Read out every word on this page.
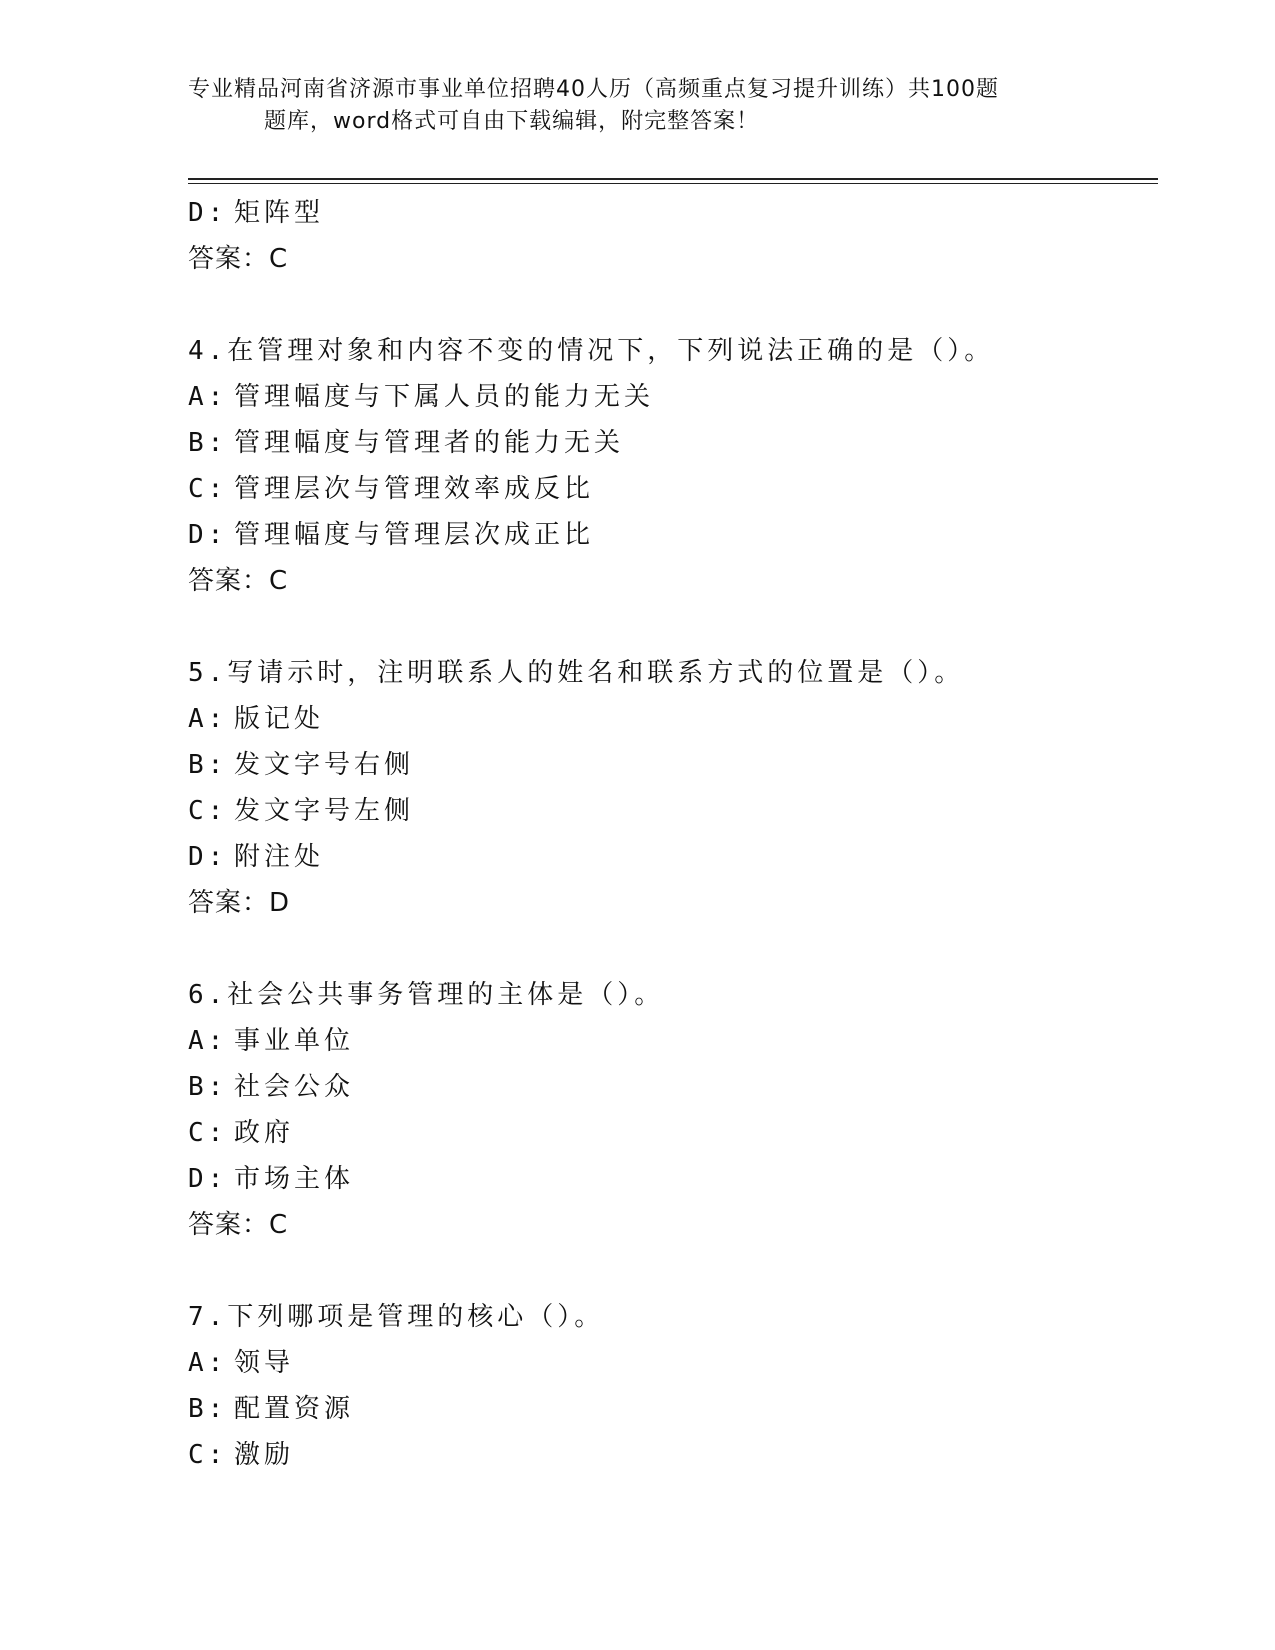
专业精品河南省济源市事业单位招聘40人历（高频重点复习提升训练）共100题
题库，word格式可自由下载编辑，附完整答案！
D: 矩阵型
答案：C
4.在管理对象和内容不变的情况下，下列说法正确的是（）。
A: 管理幅度与下属人员的能力无关
B: 管理幅度与管理者的能力无关
C: 管理层次与管理效率成反比
D: 管理幅度与管理层次成正比
答案：C
5.写请示时，注明联系人的姓名和联系方式的位置是（）。
A: 版记处
B: 发文字号右侧
C: 发文字号左侧
D: 附注处
答案：D
6.社会公共事务管理的主体是（）。
A: 事业单位
B: 社会公众
C: 政府
D: 市场主体
答案：C
7.下列哪项是管理的核心（）。
A: 领导
B: 配置资源
C: 激励
